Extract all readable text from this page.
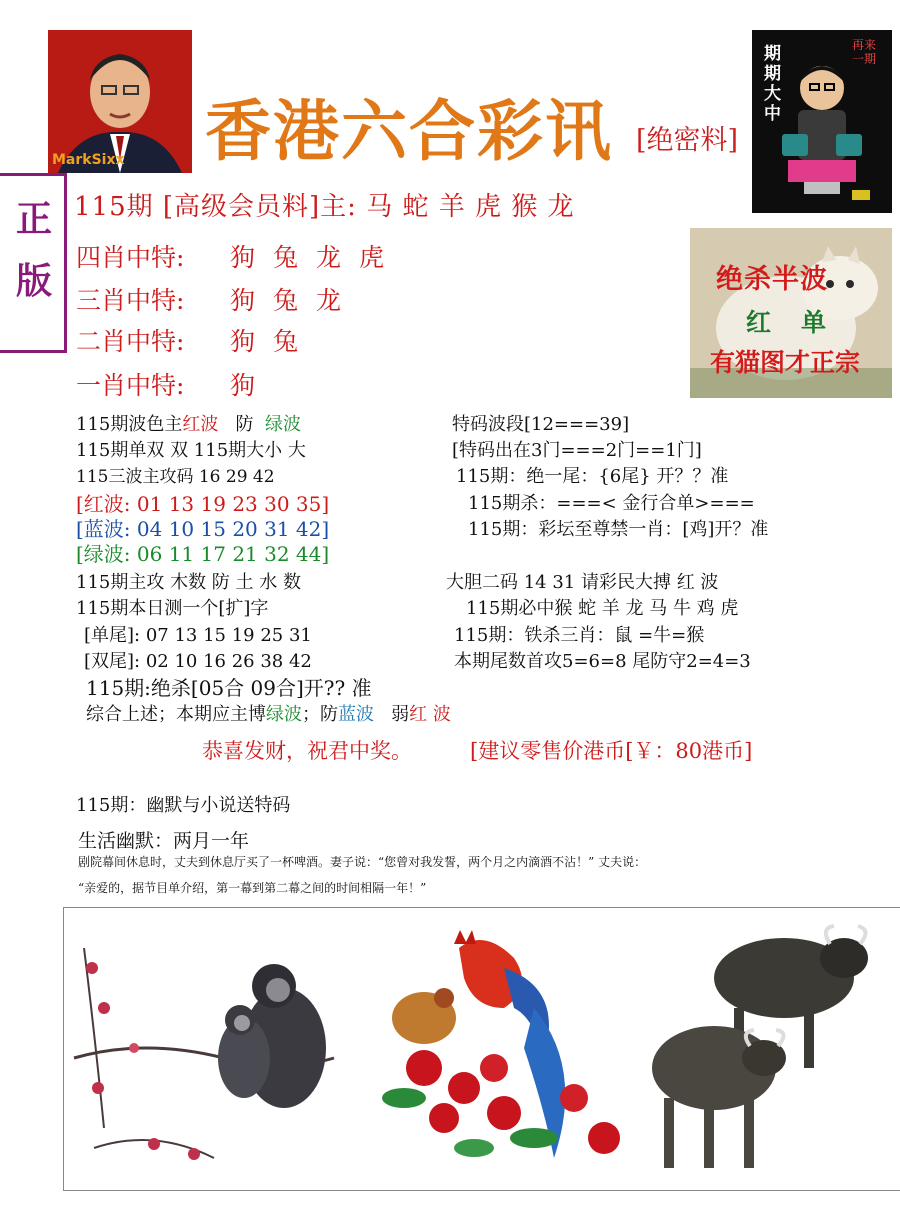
MarkSixx 香港六合彩讯 [绝密料]
期期大中
再来一期
正版
115期 [高级会员料]主: 马 蛇 羊 虎 猴 龙
四肖中特: 狗兔龙虎
三肖中特: 狗兔龙
二肖中特: 狗兔
一肖中特: 狗
绝杀半波
红单
有猫图才正宗
115期波色主红波 防 绿波
115期单双 双 115期大小 大
115三波主攻码 16 29 42
[红波: 01 13 19 23 30 35]
[蓝波: 04 10 15 20 31 42]
[绿波: 06 11 17 21 32 44]
115期主攻 木数 防 土 水 数
115期本日测一个[扩]字
[单尾]: 07 13 15 19 25 31
[双尾]: 02 10 16 26 38 42
115期:绝杀[05合 09合]开?? 准
综合上述；本期应主博绿波；防蓝波 弱红 波
特码波段[12===39]
[特码出在3门===2门==1门]
115期：绝一尾：{6尾} 开？？准
115期杀：===< 金行合单>===
115期：彩坛至尊禁一肖：[鸡]开？准
大胆二码 14 31 请彩民大搏 红 波
115期必中猴 蛇 羊 龙 马 牛 鸡 虎
115期：铁杀三肖：鼠 =牛=猴
本期尾数首攻5=6=8 尾防守2=4=3
恭喜发财，祝君中奖。	[建议零售价港币[￥：80港币]
115期：幽默与小说送特码
生活幽默：两月一年
剧院幕间休息时，丈夫到休息厅买了一杯啤酒。妻子说：“您曾对我发誓，两个月之内滴酒不沾！” 丈夫说：
“亲爱的，据节目单介绍，第一幕到第二幕之间的时间相隔一年！”
